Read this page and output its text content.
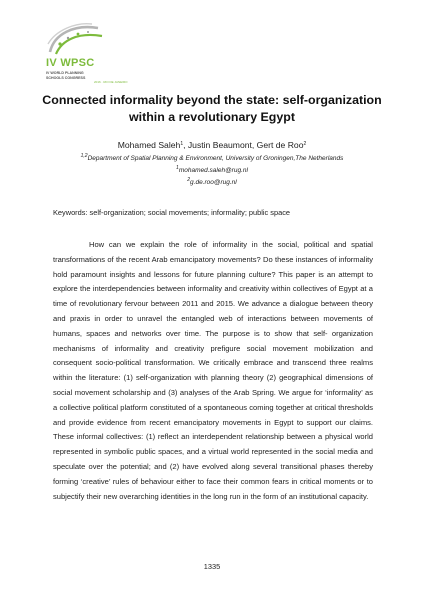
IV WPSC
IV WORLD PLANNING
SCHOOLS CONGRESS
2016 · RIO DE JANEIRO
Connected informality beyond the state: self-organization within a revolutionary Egypt
Mohamed Saleh$^1$, Justin Beaumont, Gert de Roo$^2$
$^{1,2}$Department of Spatial Planning & Environment, University of Groningen,The Netherlands
$^1$mohamed.saleh@rug.nl
$^2$g.de.roo@rug.nl
Keywords: self-organization; social movements; informality; public space

How can we explain the role of informality in the social, political and spatial transformations of the recent Arab emancipatory movements? Do these instances of informality hold paramount insights and lessons for future planning culture? This paper is an attempt to explore the interdependencies between informality and creativity within collectives of Egypt at a time of revolutionary fervour between 2011 and 2015. We advance a dialogue between theory and praxis in order to unravel the entangled web of interactions between movements of humans, spaces and networks over time. The purpose is to show that self- organization mechanisms of informality and creativity prefigure social movement mobilization and consequent socio-political transformation. We critically embrace and transcend three realms within the literature: (1) self-organization with planning theory (2) geographical dimensions of social movement scholarship and (3) analyses of the Arab Spring. We argue for ‘informality’ as a collective political platform constituted of a spontaneous coming together at critical thresholds and provide evidence from recent emancipatory movements in Egypt to support our claims. These informal collectives: (1) reflect an interdependent relationship between a physical world represented in symbolic public spaces, and a virtual world represented in the social media and speculate over the potential; and (2) have evolved along several transitional phases thereby forming ‘creative’ rules of behaviour either to face their common fears in critical moments or to subjectify their new overarching identities in the long run in the form of an institutional capacity.

1335
